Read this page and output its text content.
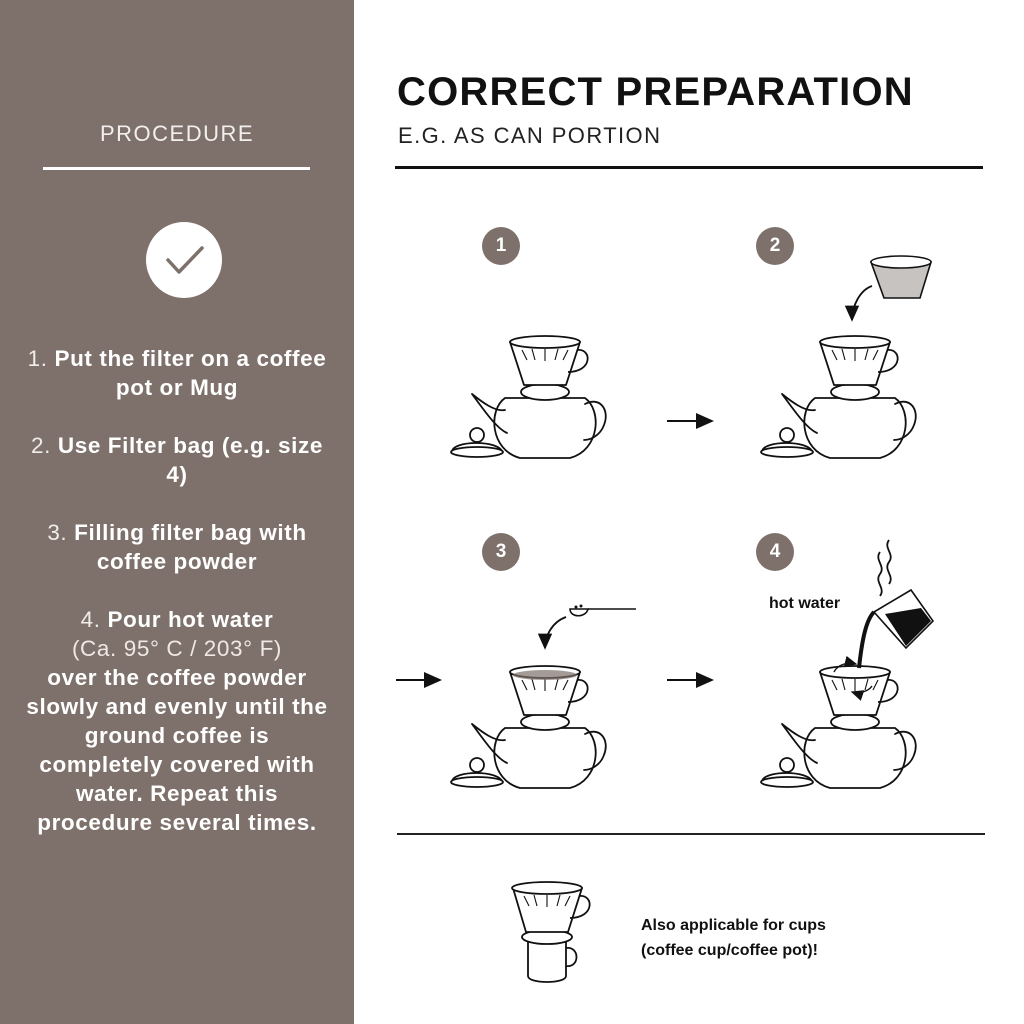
PROCEDURE
1. Put the filter on a coffee pot or Mug
2. Use Filter bag (e.g. size 4)
3. Filling filter bag with coffee powder
4. Pour hot water
(Ca. 95° C / 203° F)
over the coffee powder slowly and evenly until the ground coffee is completely covered with water. Repeat this procedure several times.
CORRECT PREPARATION
E.G. AS CAN PORTION
1	2
3	4
hot water
Also applicable for cups
(coffee cup/coffee pot)!
